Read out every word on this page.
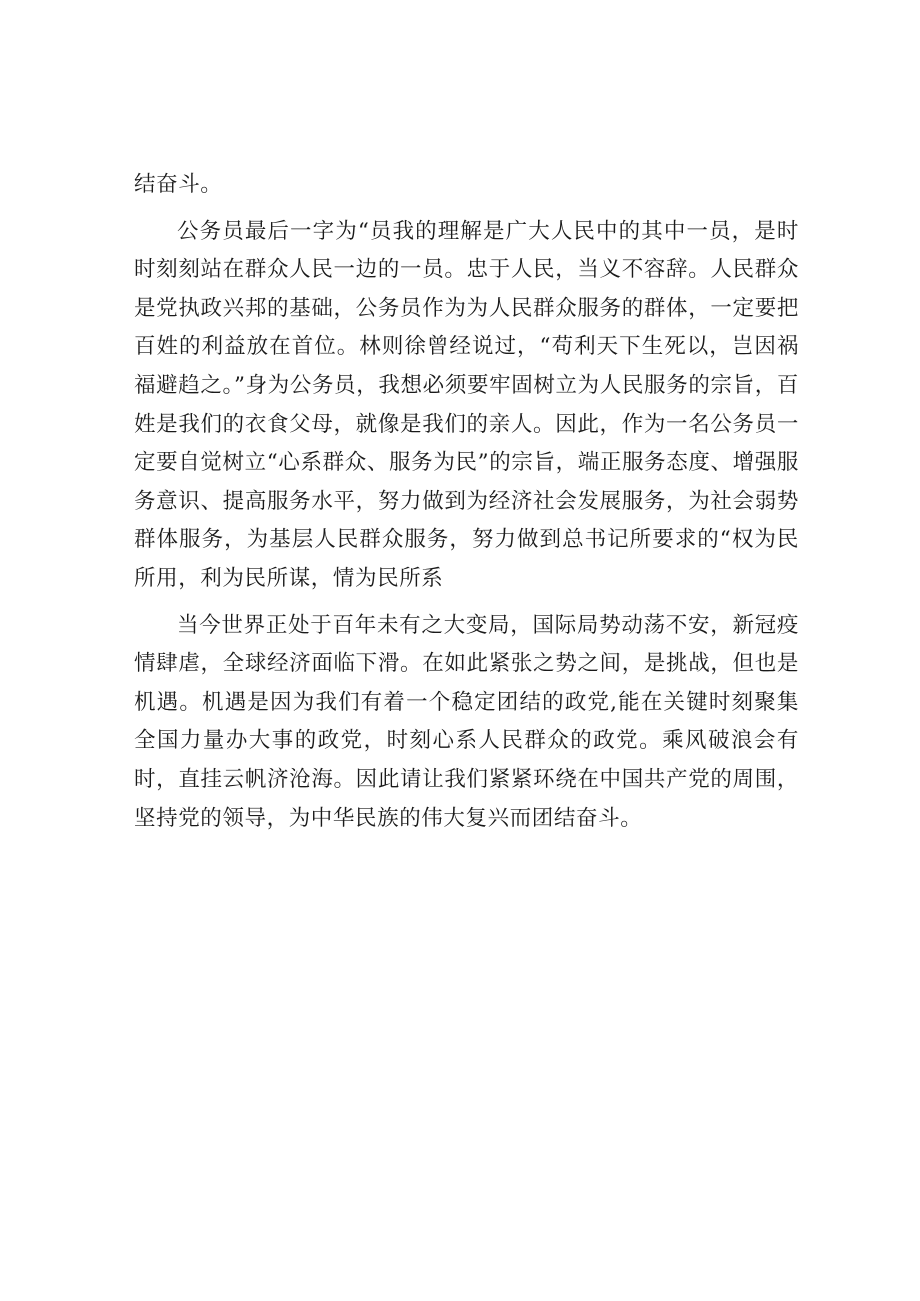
结奋斗。

公务员最后一字为“员我的理解是广大人民中的其中一员，是时时刻刻站在群众人民一边的一员。忠于人民，当义不容辞。人民群众是党执政兴邦的基础，公务员作为为人民群众服务的群体，一定要把百姓的利益放在首位。林则徐曾经说过，“苟利天下生死以，岂因祸福避趋之。”身为公务员，我想必须要牢固树立为人民服务的宗旨，百姓是我们的衣食父母，就像是我们的亲人。因此，作为一名公务员一定要自觉树立“心系群众、服务为民”的宗旨，端正服务态度、增强服务意识、提高服务水平，努力做到为经济社会发展服务，为社会弱势群体服务，为基层人民群众服务，努力做到总书记所要求的“权为民所用，利为民所谋，情为民所系

当今世界正处于百年未有之大变局，国际局势动荡不安，新冠疫情肆虐，全球经济面临下滑。在如此紧张之势之间，是挑战，但也是机遇。机遇是因为我们有着一个稳定团结的政党,能在关键时刻聚集全国力量办大事的政党，时刻心系人民群众的政党。乘风破浪会有时，直挂云帆济沧海。因此请让我们紧紧环绕在中国共产党的周围，坚持党的领导，为中华民族的伟大复兴而团结奋斗。
